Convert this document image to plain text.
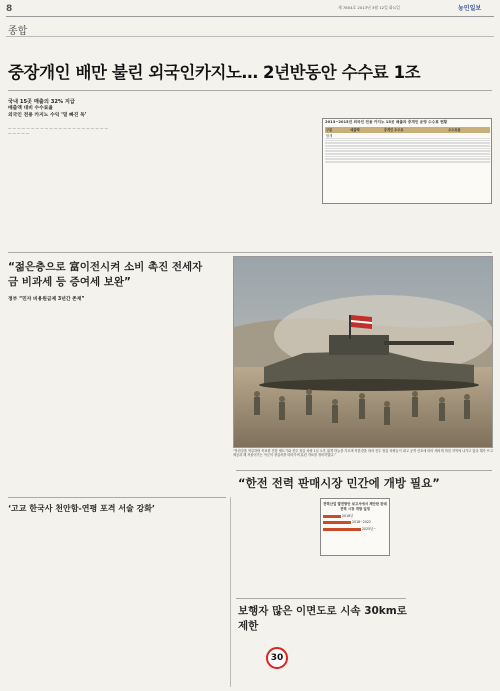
8	제 7854호 2013년 3월 12일 화요일	농민일보
종합
중장개인 배만 불린 외국인카지노… 2년반동안 수수료 1조
국내 15곳 매출의 32% 지급
매출액 대비 수수료율
외국인 전용 카지노 수익 ‘밑 빠진 독’

— — — — — — — — — — — — — — — — — — — — — — — — — — —

2013~2015년 외국인 전용 카지노 15곳 매출과 중개인 운영 수수료 현황
구분	매출액	중개인 수수료	수수료율
합계			

“젊은층으로 富이전시켜 소비 촉진 전세자금 비과세 등 증여세 보완”
정부 “민자 비용원금제 3년간 존재”
“북한강을 역류하며 목표를 전한 제트기와 전투 장갑 차량 1일 오후 밟게 하늘을 가르며 북한강을 따라 전투 장갑 차량들이 최고 공격 신호에 따라 세차게 하천 지역에 나가고 있다 해가 뜨고 제공과 해 저물어가는 아군의 장갑차를 따라가며 훈련 자료를 정비하였다.”
“한전 전력 판매시장 민간에 개방 필요”
전력산업 발전방안 보고서에서 제안한 판매 전력 시장 개방 일정
2016년
2018~2022
2025년~
‘고교 한국사 천안함-연평 포격 서술 강화’
보행자 많은 이면도로 시속 30km로 제한
30
